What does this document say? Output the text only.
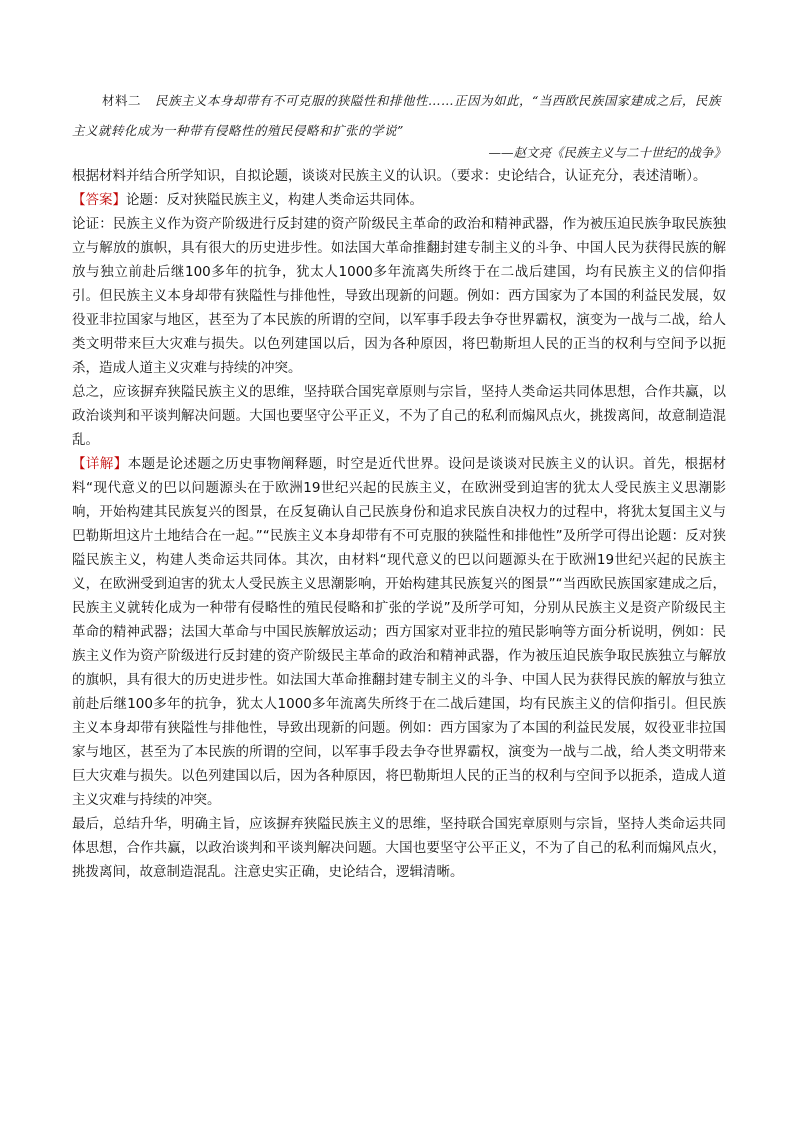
材料二 民族主义本身却带有不可克服的狭隘性和排他性……正因为如此，“当西欧民族国家建成之后，民族主义就转化成为一种带有侵略性的殖民侵略和扩张的学说”
——赵文亮《民族主义与二十世纪的战争》

根据材料并结合所学知识，自拟论题，谈谈对民族主义的认识。（要求：史论结合，认证充分，表述清晰）。

【答案】论题：反对狭隘民族主义，构建人类命运共同体。

论证：民族主义作为资产阶级进行反封建的资产阶级民主革命的政治和精神武器，作为被压迫民族争取民族独立与解放的旗帜，具有很大的历史进步性。如法国大革命推翻封建专制主义的斗争、中国人民为获得民族的解放与独立前赴后继100多年的抗争，犹太人1000多年流离失所终于在二战后建国，均有民族主义的信仰指引。但民族主义本身却带有狭隘性与排他性，导致出现新的问题。例如：西方国家为了本国的利益民发展，奴役亚非拉国家与地区，甚至为了本民族的所谓的空间，以军事手段去争夺世界霸权，演变为一战与二战，给人类文明带来巨大灾难与损失。以色列建国以后，因为各种原因，将巴勒斯坦人民的正当的权利与空间予以扼杀，造成人道主义灾难与持续的冲突。

总之，应该摒弃狭隘民族主义的思维，坚持联合国宪章原则与宗旨，坚持人类命运共同体思想，合作共赢，以政治谈判和平谈判解决问题。大国也要坚守公平正义，不为了自己的私利而煽风点火，挑拨离间，故意制造混乱。

【详解】本题是论述题之历史事物阐释题，时空是近代世界。设问是谈谈对民族主义的认识。首先，根据材料“现代意义的巴以问题源头在于欧洲19世纪兴起的民族主义，在欧洲受到迫害的犹太人受民族主义思潮影响，开始构建其民族复兴的图景，在反复确认自己民族身份和追求民族自决权力的过程中，将犹太复国主义与巴勒斯坦这片土地结合在一起。”“民族主义本身却带有不可克服的狭隘性和排他性”及所学可得出论题：反对狭隘民族主义，构建人类命运共同体。其次，由材料“现代意义的巴以问题源头在于欧洲19世纪兴起的民族主义，在欧洲受到迫害的犹太人受民族主义思潮影响，开始构建其民族复兴的图景”“当西欧民族国家建成之后，民族主义就转化成为一种带有侵略性的殖民侵略和扩张的学说”及所学可知，分别从民族主义是资产阶级民主革命的精神武器；法国大革命与中国民族解放运动；西方国家对亚非拉的殖民影响等方面分析说明，例如：民族主义作为资产阶级进行反封建的资产阶级民主革命的政治和精神武器，作为被压迫民族争取民族独立与解放的旗帜，具有很大的历史进步性。如法国大革命推翻封建专制主义的斗争、中国人民为获得民族的解放与独立前赴后继100多年的抗争，犹太人1000多年流离失所终于在二战后建国，均有民族主义的信仰指引。但民族主义本身却带有狭隘性与排他性，导致出现新的问题。例如：西方国家为了本国的利益民发展，奴役亚非拉国家与地区，甚至为了本民族的所谓的空间，以军事手段去争夺世界霸权，演变为一战与二战，给人类文明带来巨大灾难与损失。以色列建国以后，因为各种原因，将巴勒斯坦人民的正当的权利与空间予以扼杀，造成人道主义灾难与持续的冲突。

最后，总结升华，明确主旨，应该摒弃狭隘民族主义的思维，坚持联合国宪章原则与宗旨，坚持人类命运共同体思想，合作共赢，以政治谈判和平谈判解决问题。大国也要坚守公平正义，不为了自己的私利而煽风点火，挑拨离间，故意制造混乱。注意史实正确，史论结合，逻辑清晰。
